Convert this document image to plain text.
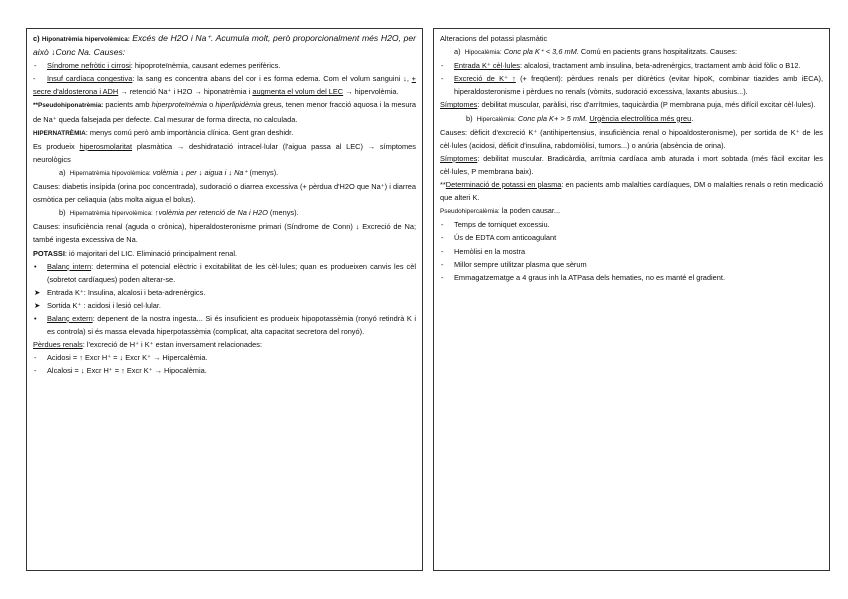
c) Hiponatrèmia hipervolèmica: Excés de H2O i Na⁺. Acumula molt, però proporcionalment més H2O, per això ↓Conc Na. Causes:

- Síndrome nefròtic i cirrosi: hipoproteïnèmia, causant edemes perifèrics.

- Insuf cardíaca congestiva: la sang es concentra abans del cor i es forma edema. Com el volum sanguini ↓, + secre d'aldosterona i ADH → retenció Na⁺ i H2O → hiponatrèmia i augmenta el volum del LEC → hipervolèmia.

**Pseudohiponatrèmia: pacients amb hiperproteïnèmia o hiperlipidèmia greus, tenen menor fracció aquosa i la mesura de Na⁺ queda falsejada per defecte. Cal mesurar de forma directa, no calculada.

HIPERNATRÈMIA: menys comú però amb importància clínica. Gent gran deshidr.

Es produeix hiperosmolaritat plasmàtica → deshidratació intracel·lular (l'aigua passa al LEC) → símptomes neurològics

a) Hipernatrèmia hipovolèmica: volèmia ↓ per ↓ aigua i ↓ Na⁺ (menys).

Causes: diabetis insípida (orina poc concentrada), sudoració o diarrea excessiva (+ pèrdua d'H2O que Na⁺) i diarrea osmòtica per celiaquia (abs molta aigua el bolus).

b) Hipernatrèmia hipervolèmica: ↑volèmia per retenció de Na i H2O (menys).

Causes: insuficiència renal (aguda o crònica), hiperaldosteronisme primari (Síndrome de Conn) ↓ Excreció de Na; també ingesta excessiva de Na.

POTASSI: ió majoritari del LIC. Eliminació principalment renal.

• Balanç intern: determina el potencial elèctric i excitabilitat de les cèl·lules; quan es produeixen canvis les cèl (sobretot cardíaques) poden alterar-se.

➤ Entrada K⁺: Insulina, alcalosi i beta-adrenèrgics.

➤ Sortida K⁺ : acidosi i lesió cel·lular.

• Balanç extern: depenent de la nostra ingesta... Si és insuficient es produeix hipopotassèmia (ronyó retindrà K i es controla) si és massa elevada hiperpotassèmia (complicat, alta capacitat secretora del ronyó).

Pèrdues renals: l'excreció de H⁺ i K⁺ estan inversament relacionades:

- Acidosi = ↑ Excr H⁺ = ↓ Excr K⁺ → Hipercalèmia.

- Alcalosi = ↓ Excr H⁺ = ↑ Excr K⁺ → Hipocalèmia.

Alteracions del potassi plasmàtic

a) Hipocalèmia: Conc pla K⁺ < 3,6 mM. Comú en pacients grans hospitalitzats. Causes:

- Entrada K⁺ cèl·lules: alcalosi, tractament amb insulina, beta-adrenèrgics, tractament amb àcid fòlic o B12.

- Excreció de K⁺ ↑ (+ freqüent): pèrdues renals per diürètics (evitar hipoK, combinar tiazides amb iECA), hiperaldosteronisme i pèrdues no renals (vòmits, sudoració excessiva, laxants abusius...).

Símptomes: debilitat muscular, paràlisi, risc d'arrítmies, taquicàrdia (P membrana puja, més difícil excitar cèl·lules).

b) Hipercalèmia: Conc pla K+ > 5 mM. Urgència electrolítica més greu.

Causes: dèficit d'excreció K⁺ (antihipertensius, insuficiència renal o hipoaldosteronisme), per sortida de K⁺ de les cèl·lules (acidosi, dèficit d'insulina, rabdomiòlisi, tumors...) o anúria (absència de orina).

Símptomes: debilitat muscular. Bradicàrdia, arrítmia cardíaca amb aturada i mort sobtada (més fàcil excitar les cèl·lules, P membrana baix).

**Determinació de potassi en plasma: en pacients amb malalties cardíaques, DM o malalties renals o retin medicació que alteri K.

Pseudohipercalèmia: la poden causar...

- Temps de torniquet excessiu.

- Ús de EDTA com anticoagulant

- Hemòlisi en la mostra

- Millor sempre utilitzar plasma que sèrum

- Emmagatzematge a 4 graus inh la ATPasa dels hematies, no es manté el gradient.
